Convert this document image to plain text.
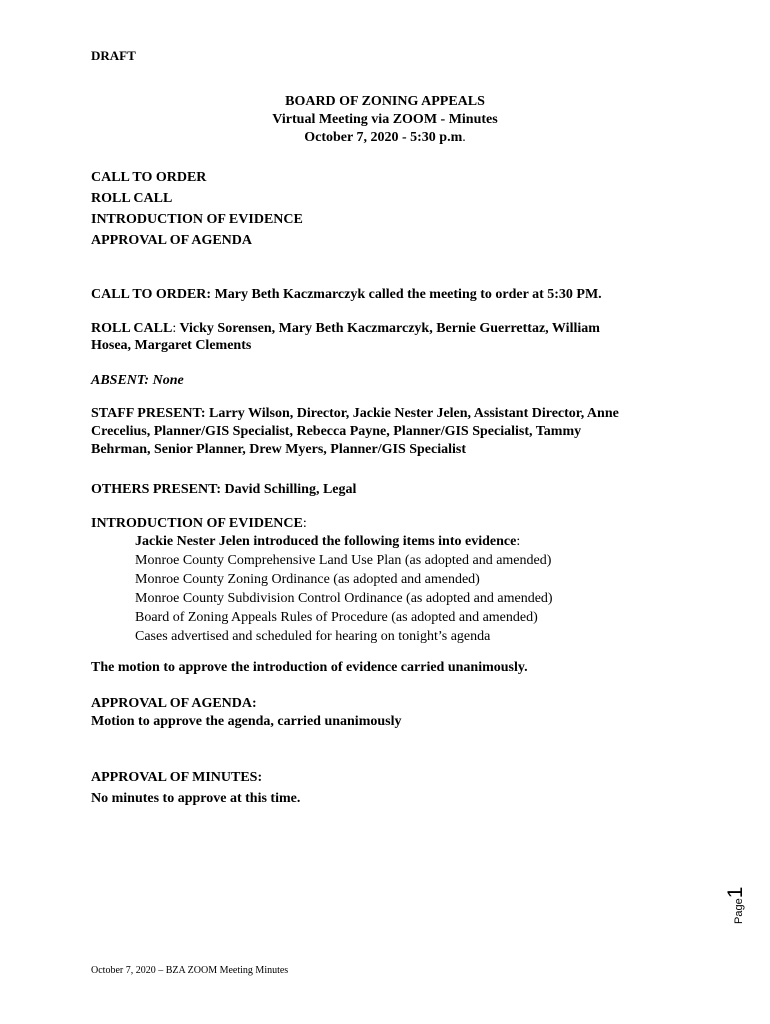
DRAFT
BOARD OF ZONING APPEALS
Virtual Meeting via ZOOM - Minutes
October 7, 2020 - 5:30 p.m.
CALL TO ORDER
ROLL CALL
INTRODUCTION OF EVIDENCE
APPROVAL OF AGENDA
CALL TO ORDER: Mary Beth Kaczmarczyk called the meeting to order at 5:30 PM.
ROLL CALL: Vicky Sorensen, Mary Beth Kaczmarczyk, Bernie Guerrettaz, William
Hosea, Margaret Clements
ABSENT: None
STAFF PRESENT: Larry Wilson, Director, Jackie Nester Jelen, Assistant Director, Anne
Crecelius, Planner/GIS Specialist, Rebecca Payne, Planner/GIS Specialist, Tammy
Behrman, Senior Planner, Drew Myers, Planner/GIS Specialist
OTHERS PRESENT: David Schilling, Legal
INTRODUCTION OF EVIDENCE:
Jackie Nester Jelen introduced the following items into evidence:
Monroe County Comprehensive Land Use Plan (as adopted and amended)
Monroe County Zoning Ordinance (as adopted and amended)
Monroe County Subdivision Control Ordinance (as adopted and amended)
Board of Zoning Appeals Rules of Procedure (as adopted and amended)
Cases advertised and scheduled for hearing on tonight’s agenda
The motion to approve the introduction of evidence carried unanimously.
APPROVAL OF AGENDA:
Motion to approve the agenda, carried unanimously
APPROVAL OF MINUTES:
No minutes to approve at this time.
Page1
October 7, 2020 – BZA ZOOM Meeting Minutes
